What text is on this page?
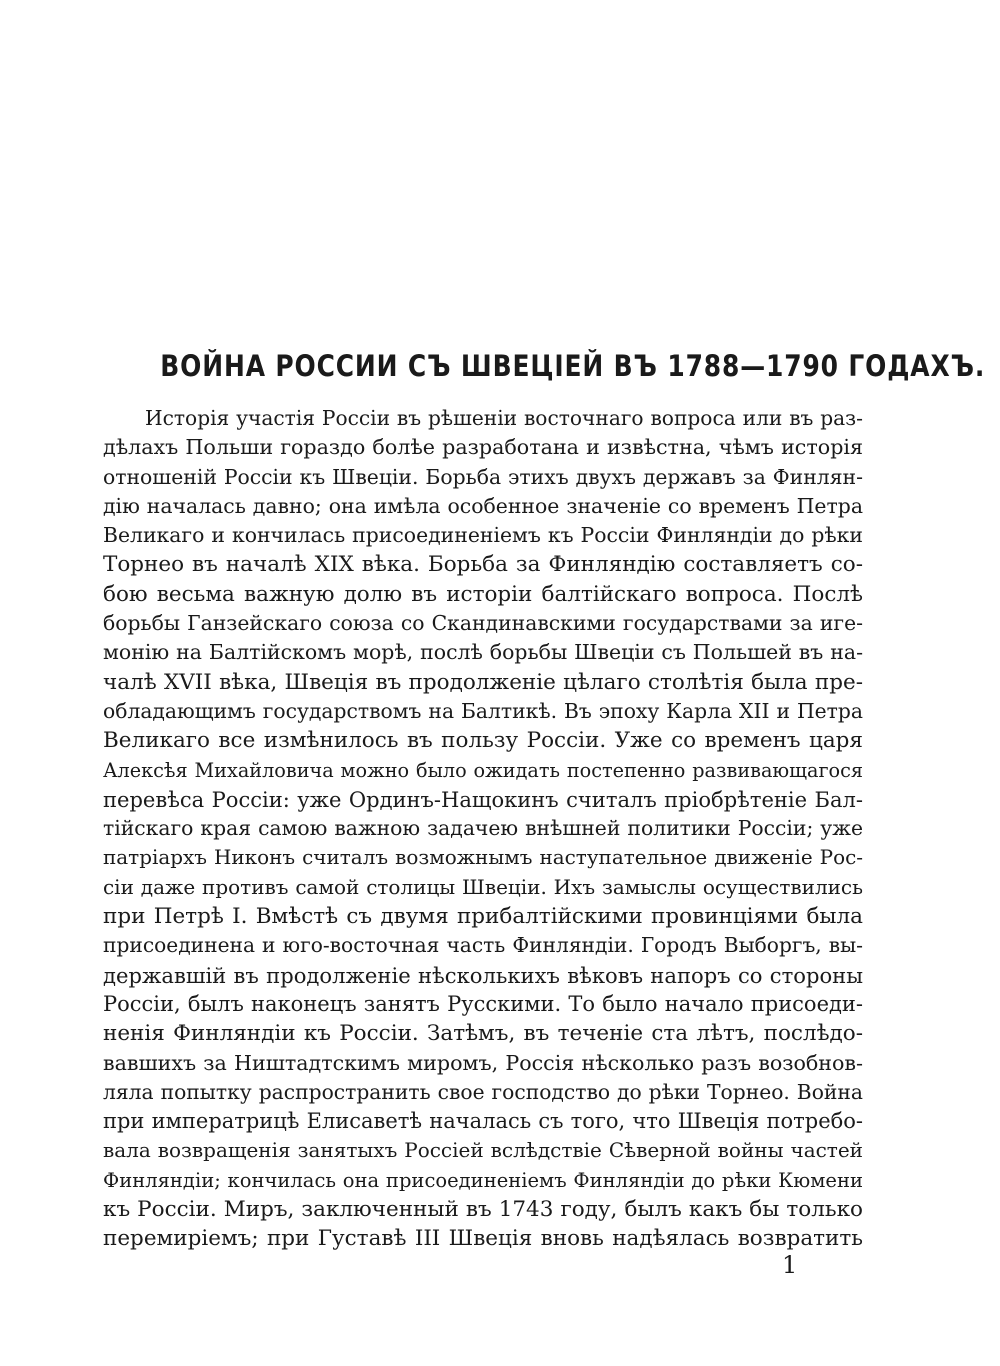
ВОЙНА РОССИИ СЪ ШВЕЦІЕЙ ВЪ 1788—1790 ГОДАХЪ.
Исторія участія Россіи въ рѣшеніи восточнаго вопроса или въ раз-
дѣлахъ Польши гораздо болѣе разработана и извѣстна, чѣмъ исторія
отношеній Россіи къ Швеціи. Борьба этихъ двухъ державъ за Финлян-
дію началась давно; она имѣла особенное значеніе со временъ Петра
Великаго и кончилась присоединеніемъ къ Россіи Финляндіи до рѣки
Торнео въ началѣ XIX вѣка. Борьба за Финляндію составляетъ со-
бою весьма важную долю въ исторіи балтійскаго вопроса. Послѣ
борьбы Ганзейскаго союза со Скандинавскими государствами за иге-
монію на Балтійскомъ морѣ, послѣ борьбы Швеціи съ Польшей въ на-
чалѣ XVII вѣка, Швеція въ продолженіе цѣлаго столѣтія была пре-
обладающимъ государствомъ на Балтикѣ. Въ эпоху Карла XII и Петра
Великаго все измѣнилось въ пользу Россіи. Уже со временъ царя
Алексѣя Михайловича можно было ожидать постепенно развивающагося
перевѣса Россіи: уже Ординъ-Нащокинъ считалъ пріобрѣтеніе Бал-
тійскаго края самою важною задачею внѣшней политики Россіи; уже
патріархъ Никонъ считалъ возможнымъ наступательное движеніе Рос-
сіи даже противъ самой столицы Швеціи. Ихъ замыслы осуществились
при Петрѣ I. Вмѣстѣ съ двумя прибалтійскими провинціями была
присоединена и юго-восточная часть Финляндіи. Городъ Выборгъ, вы-
державшій въ продолженіе нѣсколькихъ вѣковъ напоръ со стороны
Россіи, былъ наконецъ занятъ Русскими. То было начало присоеди-
ненія Финляндіи къ Россіи. Затѣмъ, въ теченіе ста лѣтъ, послѣдо-
вавшихъ за Ништадтскимъ миромъ, Россія нѣсколько разъ возобнов-
ляла попытку распространить свое господство до рѣки Торнео. Война
при императрицѣ Елисаветѣ началась съ того, что Швеція потребо-
вала возвращенія занятыхъ Россіей вслѣдствіе Сѣверной войны частей
Финляндіи; кончилась она присоединеніемъ Финляндіи до рѣки Кюмени
къ Россіи. Миръ, заключенный въ 1743 году, былъ какъ бы только
перемиріемъ; при Густавѣ III Швеція вновь надѣялась возвратить
1
